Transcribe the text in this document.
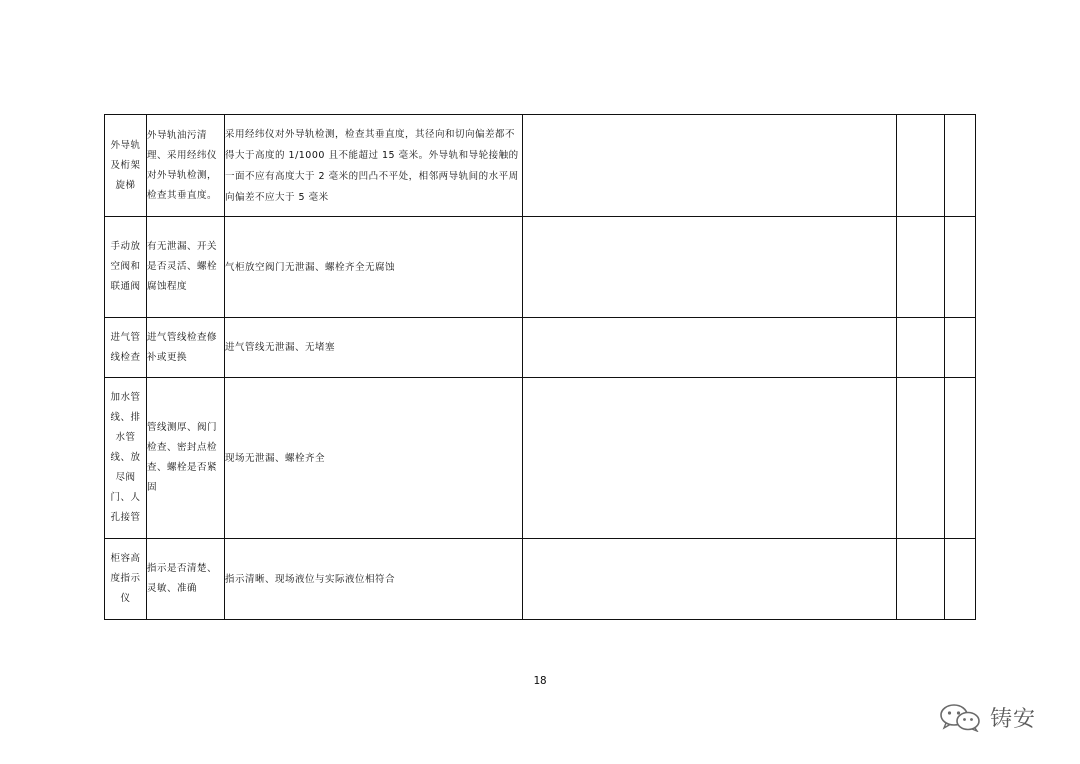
外导轨及桁架旋梯	外导轨油污清理、采用经纬仪对外导轨检测，检查其垂直度。	采用经纬仪对外导轨检测，检查其垂直度，其径向和切向偏差都不得大于高度的 1/1000 且不能超过 15 毫米。外导轨和导轮接触的一面不应有高度大于 2 毫米的凹凸不平处，相邻两导轨间的水平周向偏差不应大于 5 毫米			
手动放空阀和联通阀	有无泄漏、开关是否灵活、螺栓腐蚀程度	气柜放空阀门无泄漏、螺栓齐全无腐蚀			
进气管线检查	进气管线检查修补或更换	进气管线无泄漏、无堵塞			
加水管线、排水管线、放尽阀门、人孔接管	管线测厚、阀门检查、密封点检查、螺栓是否紧固	现场无泄漏、螺栓齐全			
柜容高度指示仪	指示是否清楚、灵敏、准确	指示清晰、现场液位与实际液位相符合			
18
铸安
